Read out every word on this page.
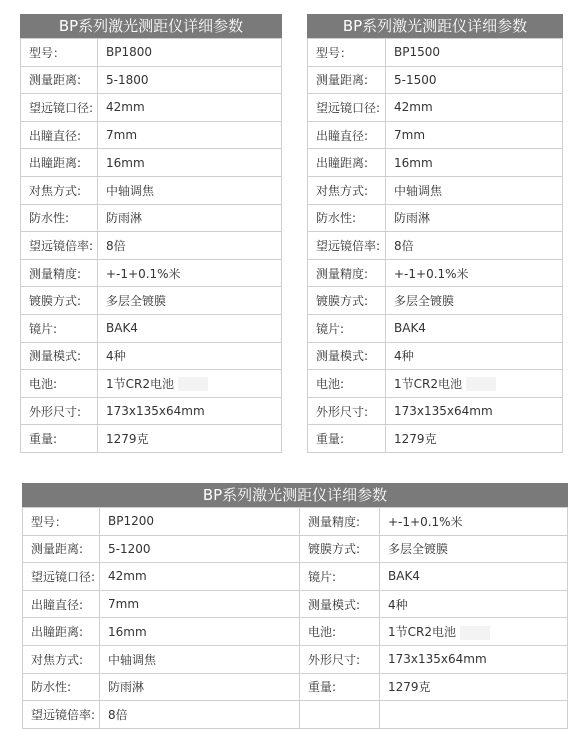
BP系列激光测距仪详细参数
型号：	BP1800
测量距离:	5-1800
望远镜口径:	42mm
出瞳直径:	7mm
出瞳距离:	16mm
对焦方式:	中轴调焦
防水性:	防雨淋
望远镜倍率:	8倍
测量精度:	+-1+0.1%米
镀膜方式:	多层全镀膜
镜片:	BAK4
测量模式:	4种
电池:	1节CR2电池
外形尺寸:	173x135x64mm
重量:	1279克
BP系列激光测距仪详细参数
型号：	BP1500
测量距离:	5-1500
望远镜口径:	42mm
出瞳直径:	7mm
出瞳距离:	16mm
对焦方式:	中轴调焦
防水性:	防雨淋
望远镜倍率:	8倍
测量精度:	+-1+0.1%米
镀膜方式:	多层全镀膜
镜片:	BAK4
测量模式:	4种
电池:	1节CR2电池
外形尺寸:	173x135x64mm
重量:	1279克
BP系列激光测距仪详细参数
型号：	BP1200	测量精度:	+-1+0.1%米
测量距离:	5-1200	镀膜方式:	多层全镀膜
望远镜口径:	42mm	镜片:	BAK4
出瞳直径:	7mm	测量模式:	4种
出瞳距离:	16mm	电池:	1节CR2电池
对焦方式:	中轴调焦	外形尺寸:	173x135x64mm
防水性:	防雨淋	重量:	1279克
望远镜倍率:	8倍		
